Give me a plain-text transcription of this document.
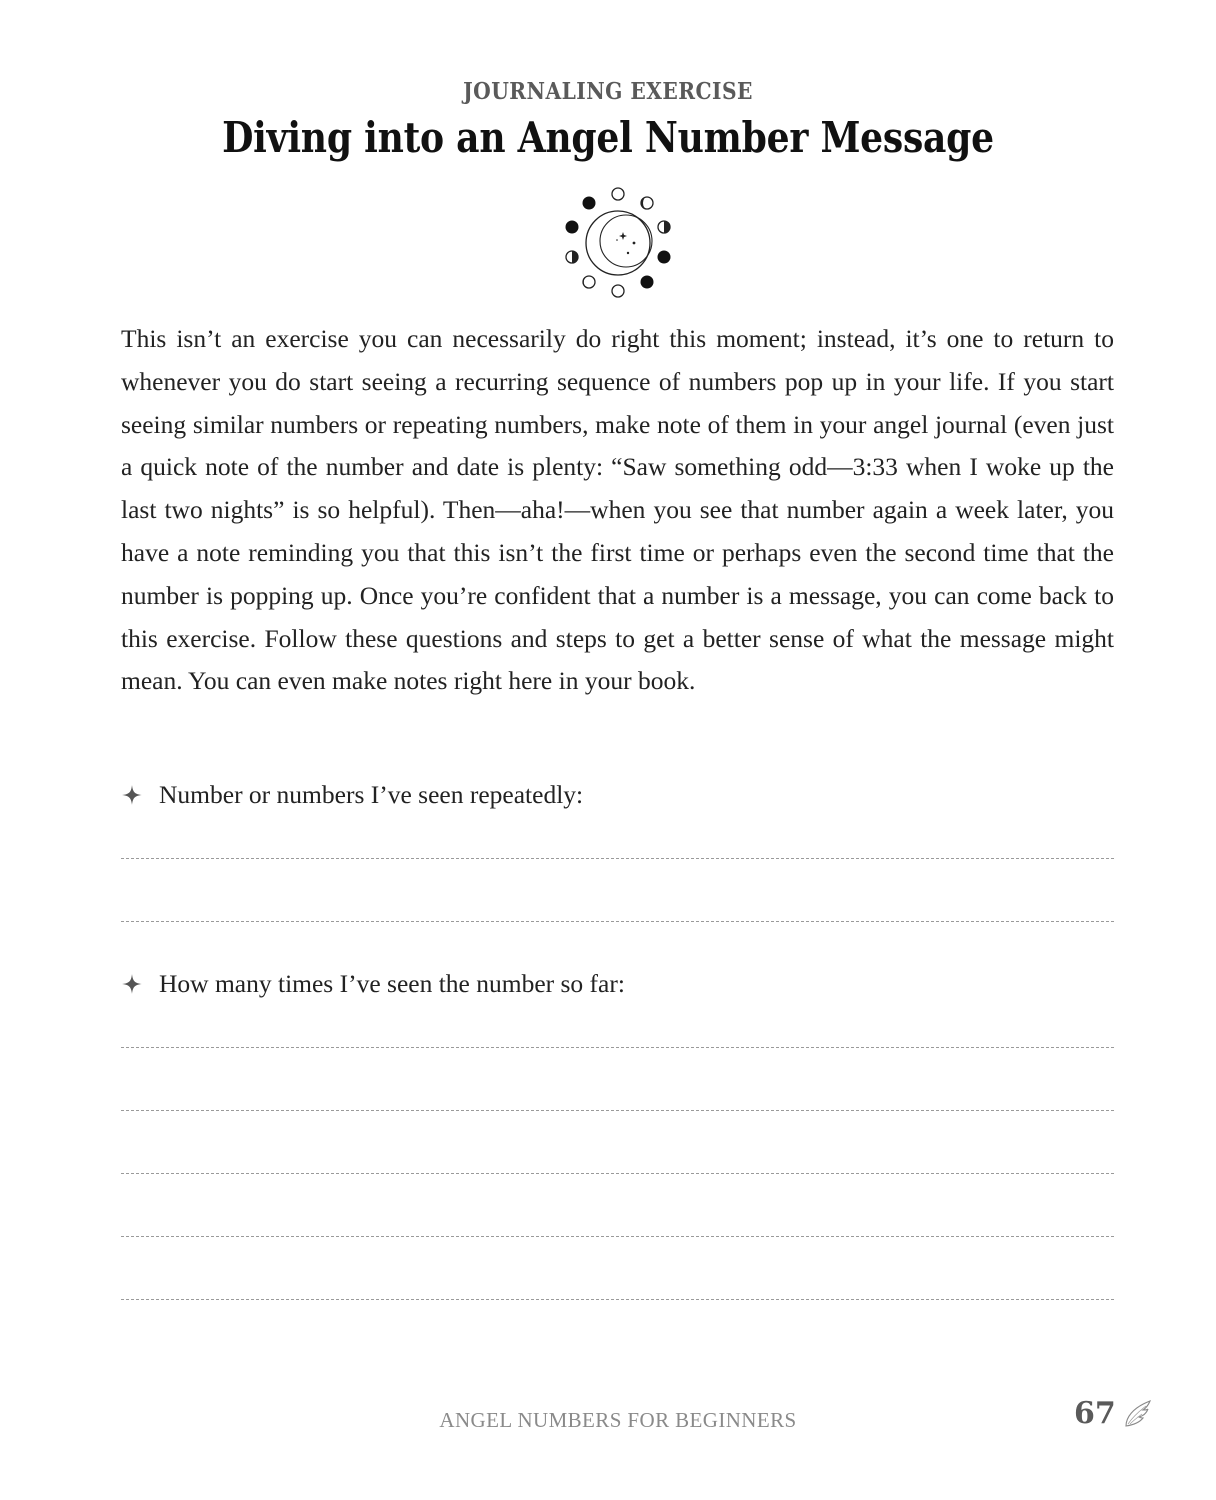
JOURNALING EXERCISE
Diving into an Angel Number Message

This isn’t an exercise you can necessarily do right this moment; instead, it’s one to return to whenever you do start seeing a recurring sequence of numbers pop up in your life. If you start seeing similar numbers or repeating numbers, make note of them in your angel journal (even just a quick note of the number and date is plenty: “Saw something odd—3:33 when I woke up the last two nights” is so helpful). Then—aha!—when you see that number again a week later, you have a note reminding you that this isn’t the first time or perhaps even the second time that the number is popping up. Once you’re confident that a number is a message, you can come back to this exercise. Follow these questions and steps to get a better sense of what the message might mean. You can even make notes right here in your book.

Number or numbers I’ve seen repeatedly:
How many times I’ve seen the number so far:
ANGEL NUMBERS FOR BEGINNERS	67
